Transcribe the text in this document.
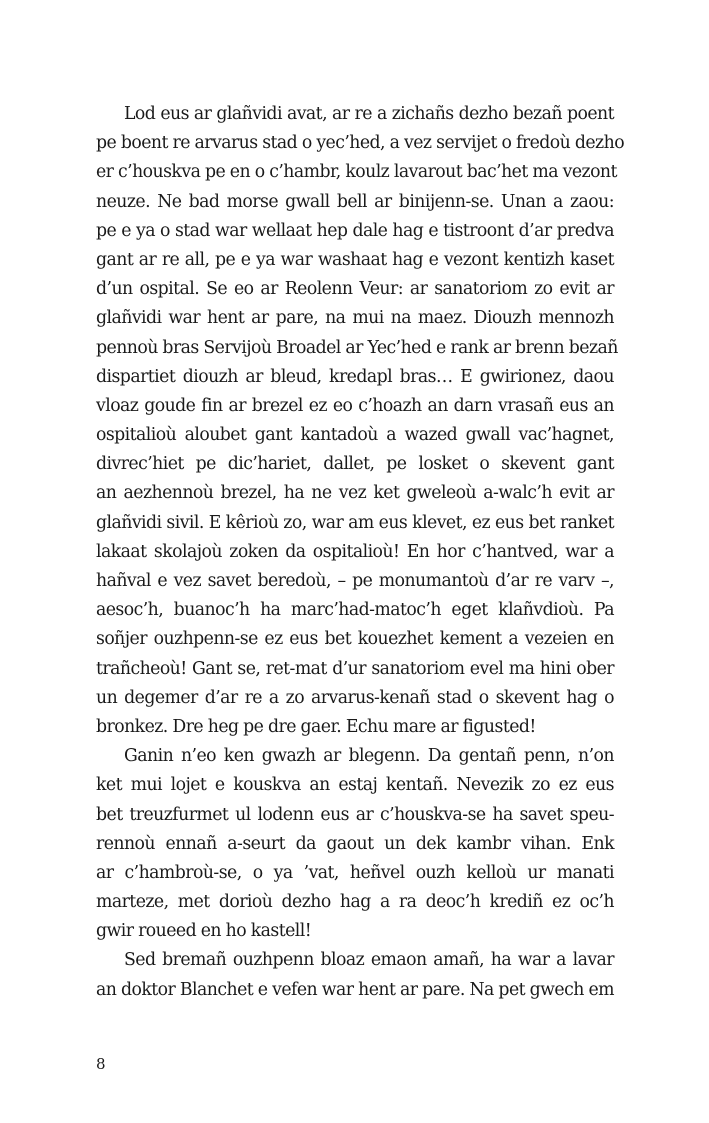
Lod eus ar glañvidi avat, ar re a zichañs dezho bezañ poent
pe boent re arvarus stad o yec’hed, a vez servijet o fredoù dezho
er c’houskva pe en o c’hambr, koulz lavarout bac’het ma vezont
neuze. Ne bad morse gwall bell ar binijenn-se. Unan a zaou:
pe e ya o stad war wellaat hep dale hag e tistroont d’ar predva
gant ar re all, pe e ya war washaat hag e vezont kentizh kaset
d’un ospital. Se eo ar Reolenn Veur: ar sanatoriom zo evit ar
glañvidi war hent ar pare, na mui na maez. Diouzh mennozh
pennoù bras Servijoù Broadel ar Yec’hed e rank ar brenn bezañ
dispartiet diouzh ar bleud, kredapl bras… E gwirionez, daou
vloaz goude fin ar brezel ez eo c’hoazh an darn vrasañ eus an
ospitalioù aloubet gant kantadoù a wazed gwall vac’hagnet,
divrec’hiet pe dic’hariet, dallet, pe losket o skevent gant
an aezhennoù brezel, ha ne vez ket gweleoù a-walc’h evit ar
glañvidi sivil. E kêrioù zo, war am eus klevet, ez eus bet ranket
lakaat skolajoù zoken da ospitalioù! En hor c’hantved, war a
hañval e vez savet beredoù, – pe monumantoù d’ar re varv –,
aesoc’h, buanoc’h ha marc’had-matoc’h eget klañvdioù. Pa
soñjer ouzhpenn-se ez eus bet kouezhet kement a vezeien en
trañcheoù! Gant se, ret-mat d’ur sanatoriom evel ma hini ober
un degemer d’ar re a zo arvarus-kenañ stad o skevent hag o
bronkez. Dre heg pe dre gaer. Echu mare ar figusted!
Ganin n’eo ken gwazh ar blegenn. Da gentañ penn, n’on
ket mui lojet e kouskva an estaj kentañ. Nevezik zo ez eus
bet treuzfurmet ul lodenn eus ar c’houskva-se ha savet speu-
rennoù ennañ a-seurt da gaout un dek kambr vihan. Enk
ar c’hambroù-se, o ya ’vat, heñvel ouzh kelloù ur manati
marteze, met dorioù dezho hag a ra deoc’h krediñ ez oc’h
gwir roueed en ho kastell!
Sed bremañ ouzhpenn bloaz emaon amañ, ha war a lavar
an doktor Blanchet e vefen war hent ar pare. Na pet gwech em
8
